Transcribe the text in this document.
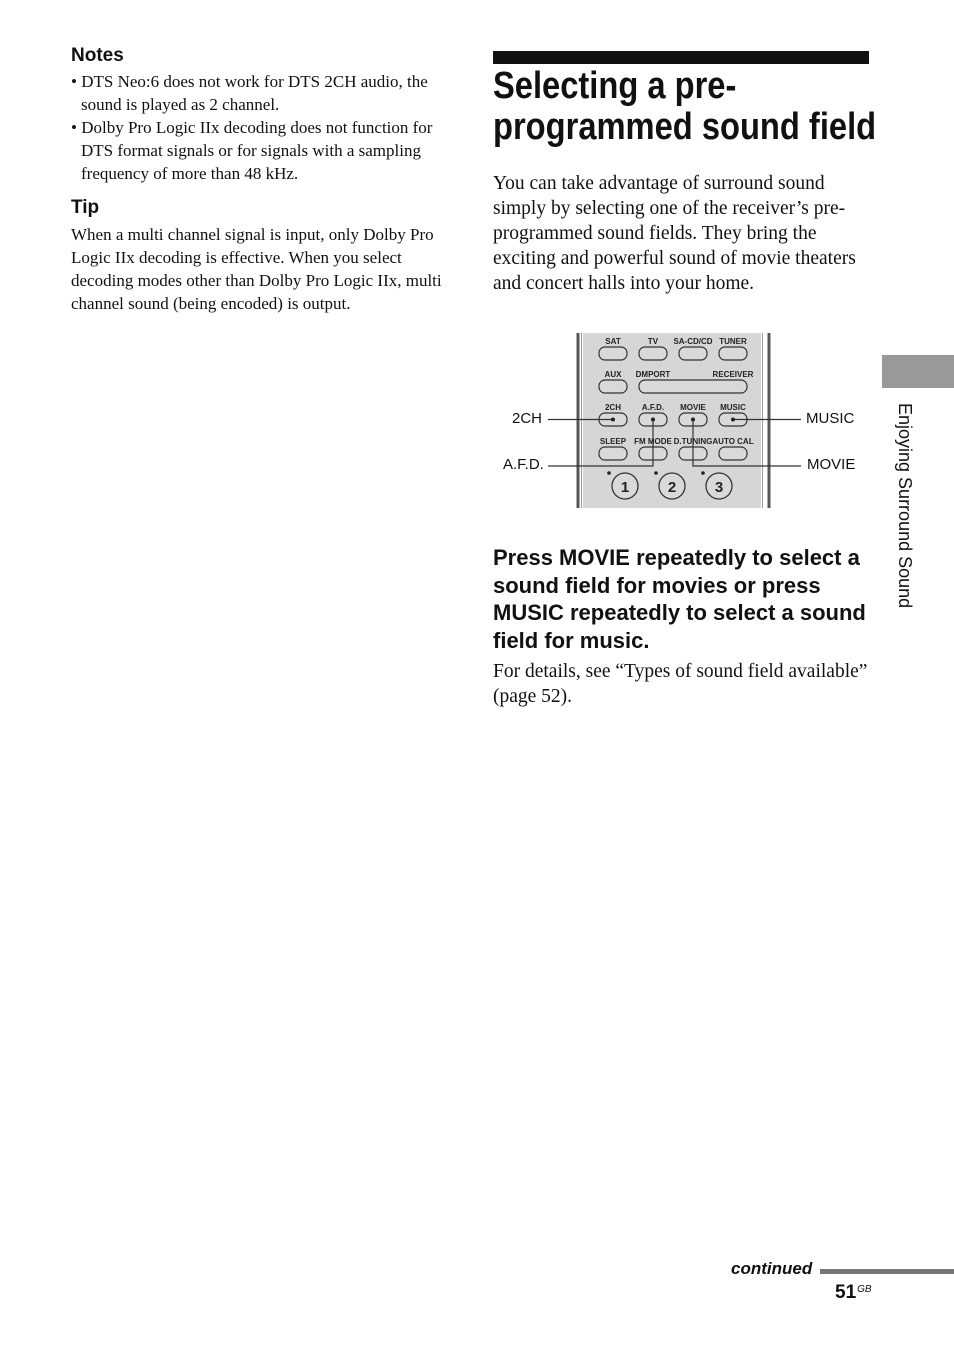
Notes
• DTS Neo:6 does not work for DTS 2CH audio, the sound is played as 2 channel.
• Dolby Pro Logic IIx decoding does not function for DTS format signals or for signals with a sampling frequency of more than 48 kHz.
Tip
When a multi channel signal is input, only Dolby Pro Logic IIx decoding is effective. When you select decoding modes other than Dolby Pro Logic IIx, multi channel sound (being encoded) is output.
Selecting a pre-
programmed sound field
You can take advantage of surround sound simply by selecting one of the receiver’s pre-programmed sound fields. They bring the exciting and powerful sound of movie theaters and concert halls into your home.
SAT	TV SA-CD/CD TUNER
AUX DMPORT	RECEIVER
2CH	A.F.D. MOVIE MUSIC
SLEEP FM MODE D.TUNING AUTO CAL
1	2	3
2CH
A.F.D.
MUSIC
MOVIE
Press MOVIE repeatedly to select a sound field for movies or press MUSIC repeatedly to select a sound field for music.
For details, see “Types of sound field available” (page 52).
Enjoying Surround Sound
continued
$51^{GB}$
